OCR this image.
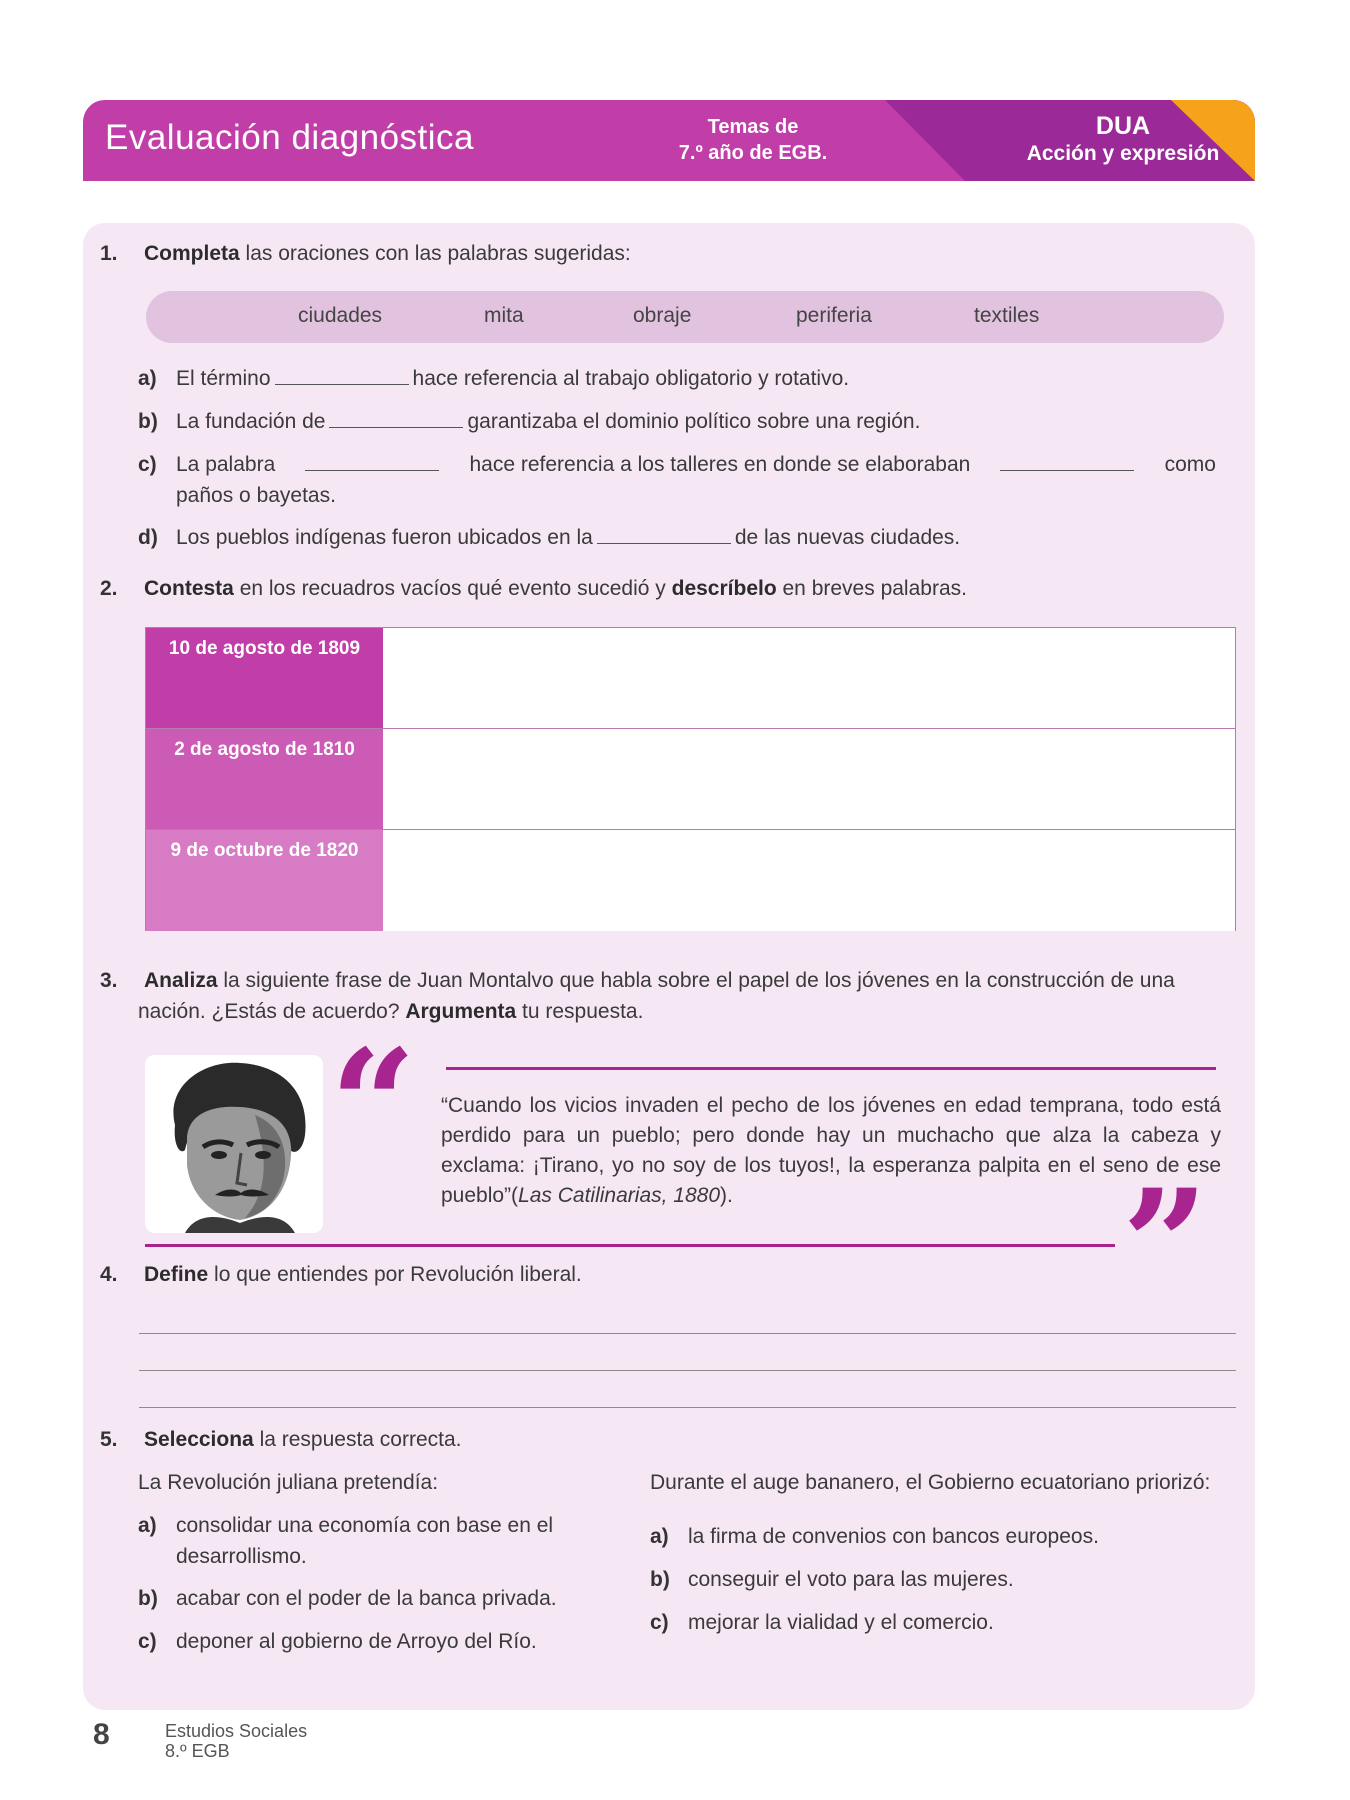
Evaluación diagnóstica	Temas de
7.º año de EGB.
DUA
Acción y expresión
1. Completa las oraciones con las palabras sugeridas:
ciudades	mita	obraje	periferia	textiles
a) El término	hace referencia al trabajo obligatorio y rotativo.
b) La fundación de	garantizaba el dominio político sobre una región.
c) La palabra	hace referencia a los talleres en donde se elaboraban	como
paños o bayetas.
d) Los pueblos indígenas fueron ubicados en la	de las nuevas ciudades.
2. Contesta en los recuadros vacíos qué evento sucedió y descríbelo en breves palabras.
10 de agosto de 1809
2 de agosto de 1810
9 de octubre de 1820
3. Analiza la siguiente frase de Juan Montalvo que habla sobre el papel de los jóvenes en la construcción de una
nación. ¿Estás de acuerdo? Argumenta tu respuesta.
“ “Cuando los vicios invaden el pecho de los jóvenes en edad temprana, todo está perdido para un pueblo; pero donde hay un muchacho que alza la cabeza y exclama: ¡Tirano, yo no soy de los tuyos!, la esperanza palpita en el seno de ese pueblo”(Las Catilinarias, 1880).	”
4. Define lo que entiendes por Revolución liberal.
5. Selecciona la respuesta correcta.
La Revolución juliana pretendía:
a) consolidar una economía con base en el
desarrollismo.
b) acabar con el poder de la banca privada.
c) deponer al gobierno de Arroyo del Río.
Durante el auge bananero, el Gobierno ecuatoriano priorizó:
a) la firma de convenios con bancos europeos.
b) conseguir el voto para las mujeres.
c) mejorar la vialidad y el comercio.
8	Estudios Sociales
8.º EGB
